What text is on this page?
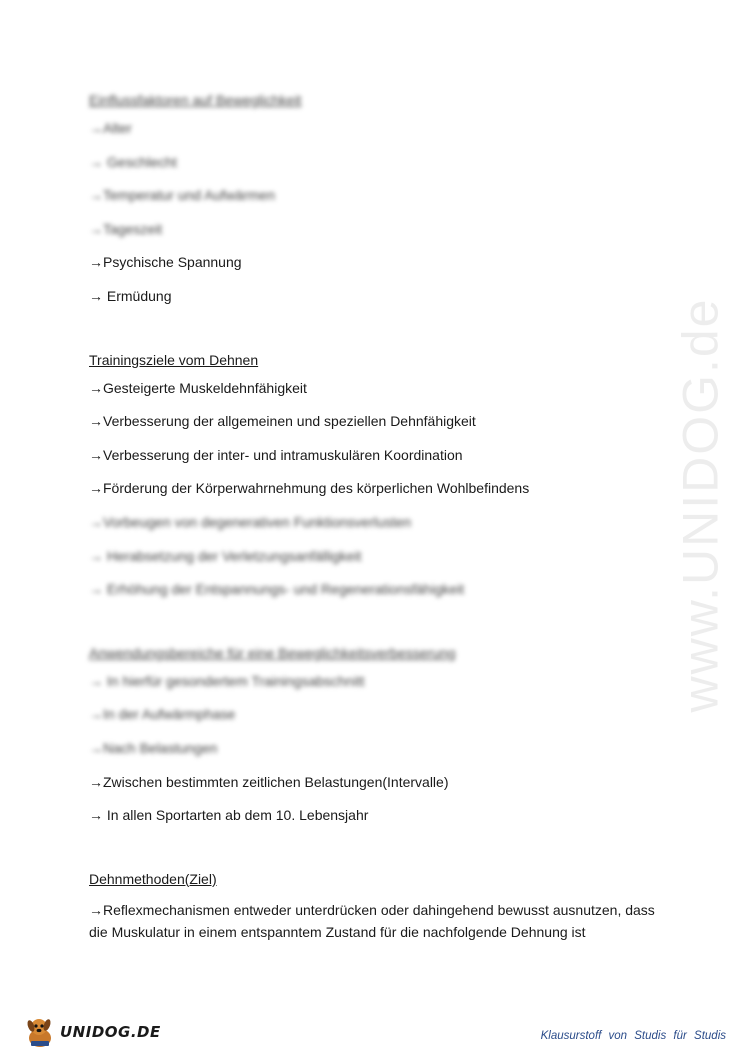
Einflussfaktoren auf Beweglichkeit
→Alter
→ Geschlecht
→Temperatur und Aufwärmen
→Tageszeit
→Psychische Spannung
→ Ermüdung
Trainingsziele vom Dehnen
→Gesteigerte Muskeldehnfähigkeit
→Verbesserung der allgemeinen und speziellen Dehnfähigkeit
→Verbesserung der inter- und intramuskulären Koordination
→Förderung der Körperwahrnehmung des körperlichen Wohlbefindens
→Vorbeugen von degenerativen Funktionsverlusten
→ Herabsetzung der Verletzungsanfälligkeit
→ Erhöhung der Entspannungs- und Regenerationsfähigkeit
Anwendungsbereiche für eine Beweglichkeitsverbesserung
→ In hierfür gesondertem Trainingsabschnitt
→In der Aufwärmphase
→Nach Belastungen
→Zwischen bestimmten zeitlichen Belastungen(Intervalle)
→ In allen Sportarten ab dem 10. Lebensjahr
Dehnmethoden(Ziel)
→Reflexmechanismen entweder unterdrücken oder dahingehend bewusst ausnutzen, dass die Muskulatur in einem entspanntem Zustand für die nachfolgende Dehnung ist
www.UNIDOG.de
UNIDOG.DE	Klausurstoff von Studis für Studis
